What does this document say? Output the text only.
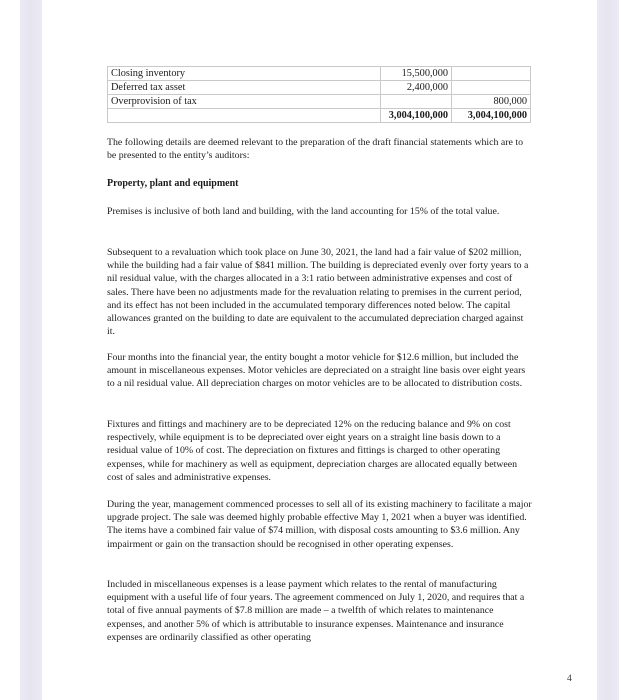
Closing inventory	15,500,000	
Deferred tax asset	2,400,000	
Overprovision of tax		800,000
	3,004,100,000	3,004,100,000

The following details are deemed relevant to the preparation of the draft financial statements which are to be presented to the entity’s auditors:

Property, plant and equipment

Premises is inclusive of both land and building, with the land accounting for 15% of the total value.

Subsequent to a revaluation which took place on June 30, 2021, the land had a fair value of $202 million, while the building had a fair value of $841 million. The building is depreciated evenly over forty years to a nil residual value, with the charges allocated in a 3:1 ratio between administrative expenses and cost of sales. There have been no adjustments made for the revaluation relating to premises in the current period, and its effect has not been included in the accumulated temporary differences noted below. The capital allowances granted on the building to date are equivalent to the accumulated depreciation charged against it.

Four months into the financial year, the entity bought a motor vehicle for $12.6 million, but included the amount in miscellaneous expenses. Motor vehicles are depreciated on a straight line basis over eight years to a nil residual value. All depreciation charges on motor vehicles are to be allocated to distribution costs.

Fixtures and fittings and machinery are to be depreciated 12% on the reducing balance and 9% on cost respectively, while equipment is to be depreciated over eight years on a straight line basis down to a residual value of 10% of cost. The depreciation on fixtures and fittings is charged to other operating expenses, while for machinery as well as equipment, depreciation charges are allocated equally between cost of sales and administrative expenses.

During the year, management commenced processes to sell all of its existing machinery to facilitate a major upgrade project. The sale was deemed highly probable effective May 1, 2021 when a buyer was identified. The items have a combined fair value of $74 million, with disposal costs amounting to $3.6 million. Any impairment or gain on the transaction should be recognised in other operating expenses.

Included in miscellaneous expenses is a lease payment which relates to the rental of manufacturing equipment with a useful life of four years. The agreement commenced on July 1, 2020, and requires that a total of five annual payments of $7.8 million are made – a twelfth of which relates to maintenance expenses, and another 5% of which is attributable to insurance expenses. Maintenance and insurance expenses are ordinarily classified as other operating

4
